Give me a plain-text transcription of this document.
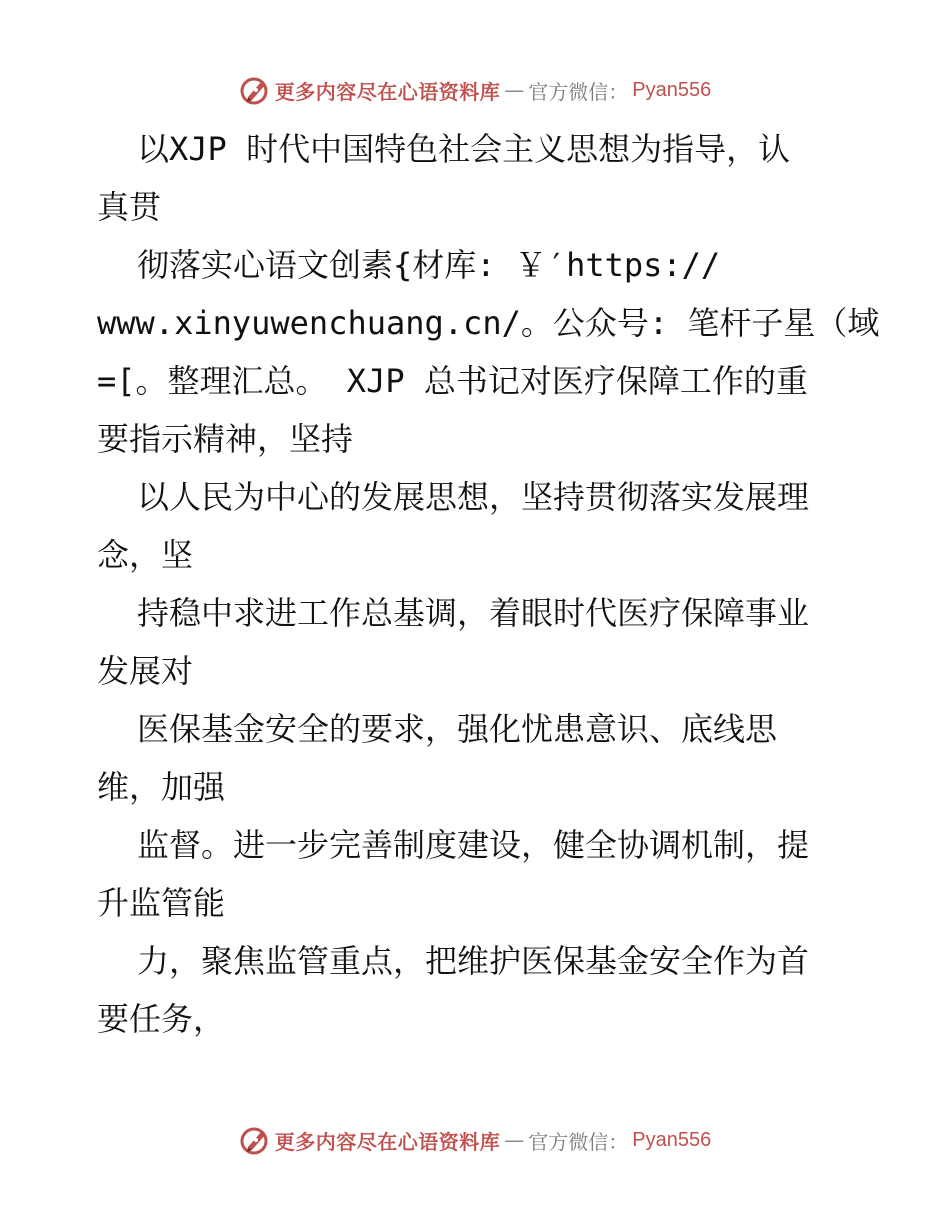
更多内容尽在心语资料库 — 官方微信： Pyan556
以XJP 时代中国特色社会主义思想为指导，认
真贯
彻落实心语文创素{材库: ￥′https://
www.xinyuwenchuang.cn/。公众号: 笔杆子星（域
=[。整理汇总。 XJP 总书记对医疗保障工作的重
要指示精神，坚持
以人民为中心的发展思想，坚持贯彻落实发展理
念，坚
持稳中求进工作总基调，着眼时代医疗保障事业
发展对
医保基金安全的要求，强化忧患意识、底线思
维，加强
监督。进一步完善制度建设，健全协调机制，提
升监管能
力，聚焦监管重点，把维护医保基金安全作为首
要任务，
更多内容尽在心语资料库 — 官方微信： Pyan556
